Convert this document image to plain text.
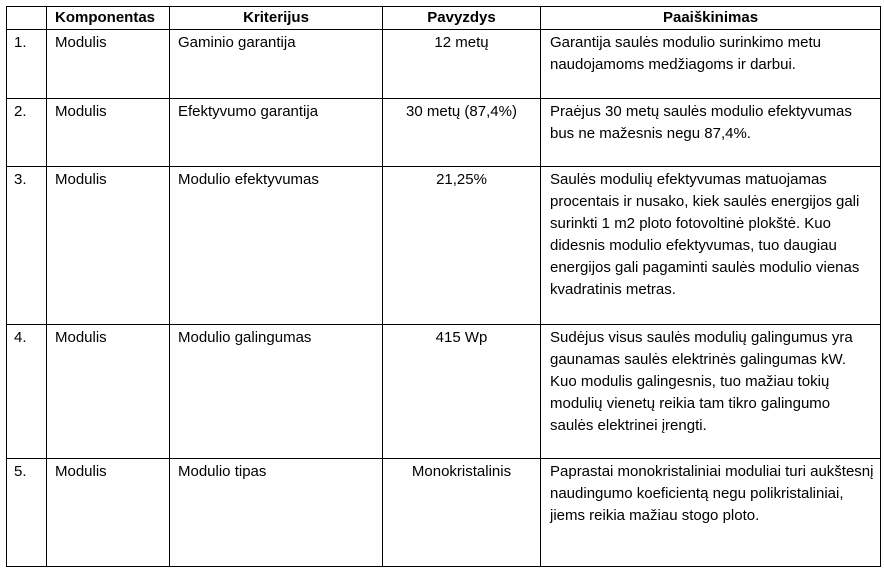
	Komponentas	Kriterijus	Pavyzdys	Paaiškinimas
1.	Modulis	Gaminio garantija	12 metų	Garantija saulės modulio surinkimo metu naudojamoms medžiagoms ir darbui.
2.	Modulis	Efektyvumo garantija	30 metų (87,4%)	Praėjus 30 metų saulės modulio efektyvumas bus ne mažesnis negu 87,4%.
3.	Modulis	Modulio efektyvumas	21,25%	Saulės modulių efektyvumas matuojamas procentais ir nusako, kiek saulės energijos gali surinkti 1 m2 ploto fotovoltinė plokštė. Kuo didesnis modulio efektyvumas, tuo daugiau energijos gali pagaminti saulės modulio vienas kvadratinis metras.
4.	Modulis	Modulio galingumas	415 Wp	Sudėjus visus saulės modulių galingumus yra gaunamas saulės elektrinės galingumas kW. Kuo modulis galingesnis, tuo mažiau tokių modulių vienetų reikia tam tikro galingumo saulės elektrinei įrengti.
5.	Modulis	Modulio tipas	Monokristalinis	Paprastai monokristaliniai moduliai turi aukštesnį naudingumo koeficientą negu polikristaliniai, jiems reikia mažiau stogo ploto.
